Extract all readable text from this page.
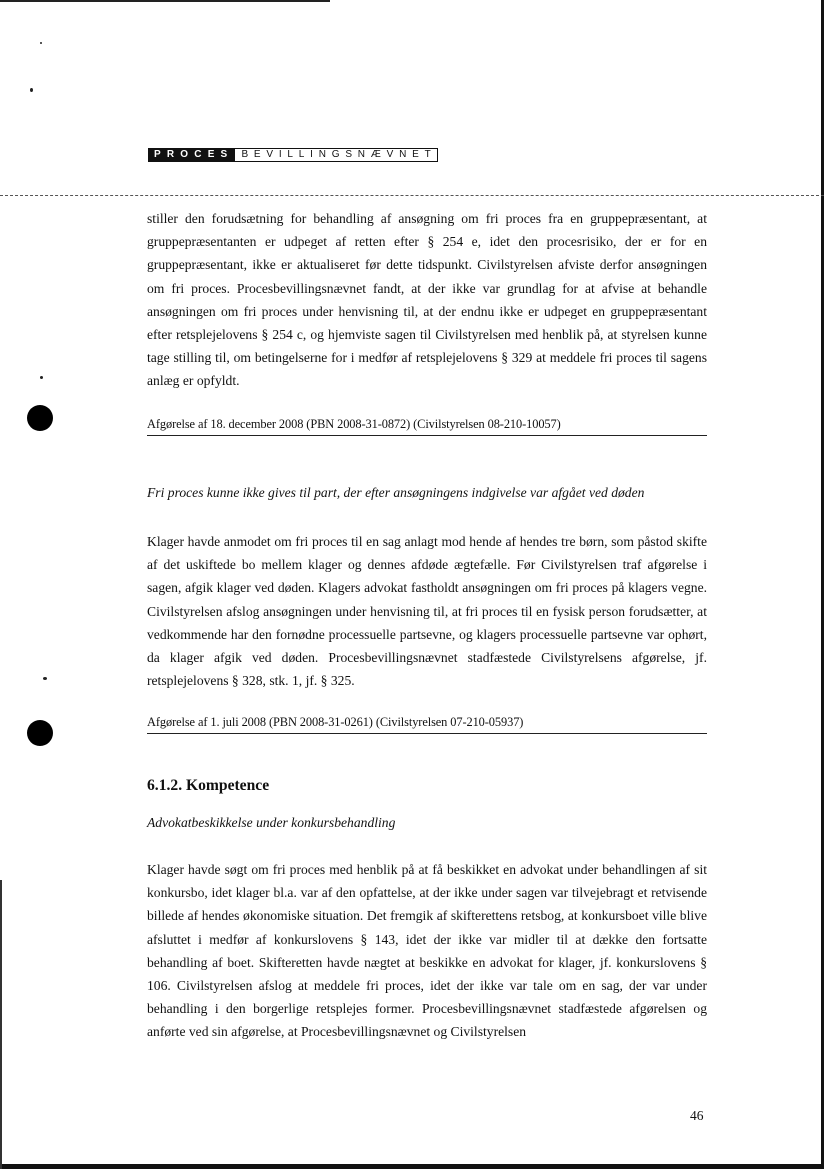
PROCES BEVILLINGSNÆVNET

stiller den forudsætning for behandling af ansøgning om fri proces fra en gruppepræsentant, at gruppepræsentanten er udpeget af retten efter § 254 e, idet den procesrisiko, der er for en gruppepræsentant, ikke er aktualiseret før dette tidspunkt. Civilstyrelsen afviste derfor ansøgningen om fri proces. Procesbevillingsnævnet fandt, at der ikke var grundlag for at afvise at behandle ansøgningen om fri proces under henvisning til, at der endnu ikke er udpeget en gruppepræsentant efter retsplejelovens § 254 c, og hjemviste sagen til Civilstyrelsen med henblik på, at styrelsen kunne tage stilling til, om betingelserne for i medfør af retsplejelovens § 329 at meddele fri proces til sagens anlæg er opfyldt.

Afgørelse af 18. december 2008 (PBN 2008-31-0872) (Civilstyrelsen 08-210-10057)

Fri proces kunne ikke gives til part, der efter ansøgningens indgivelse var afgået ved døden

Klager havde anmodet om fri proces til en sag anlagt mod hende af hendes tre børn, som påstod skifte af det uskiftede bo mellem klager og dennes afdøde ægtefælle. Før Civilstyrelsen traf afgørelse i sagen, afgik klager ved døden. Klagers advokat fastholdt ansøgningen om fri proces på klagers vegne. Civilstyrelsen afslog ansøgningen under henvisning til, at fri proces til en fysisk person forudsætter, at vedkommende har den fornødne processuelle partsevne, og klagers processuelle partsevne var ophørt, da klager afgik ved døden. Procesbevillingsnævnet stadfæstede Civilstyrelsens afgørelse, jf. retsplejelovens § 328, stk. 1, jf. § 325.

Afgørelse af 1. juli 2008 (PBN 2008-31-0261) (Civilstyrelsen 07-210-05937)

6.1.2. Kompetence

Advokatbeskikkelse under konkursbehandling

Klager havde søgt om fri proces med henblik på at få beskikket en advokat under behandlingen af sit konkursbo, idet klager bl.a. var af den opfattelse, at der ikke under sagen var tilvejebragt et retvisende billede af hendes økonomiske situation. Det fremgik af skifterettens retsbog, at konkursboet ville blive afsluttet i medfør af konkurslovens § 143, idet der ikke var midler til at dække den fortsatte behandling af boet. Skifteretten havde nægtet at beskikke en advokat for klager, jf. konkurslovens § 106. Civilstyrelsen afslog at meddele fri proces, idet der ikke var tale om en sag, der var under behandling i den borgerlige retsplejes former. Procesbevillingsnævnet stadfæstede afgørelsen og anførte ved sin afgørelse, at Procesbevillingsnævnet og Civilstyrelsen

46
